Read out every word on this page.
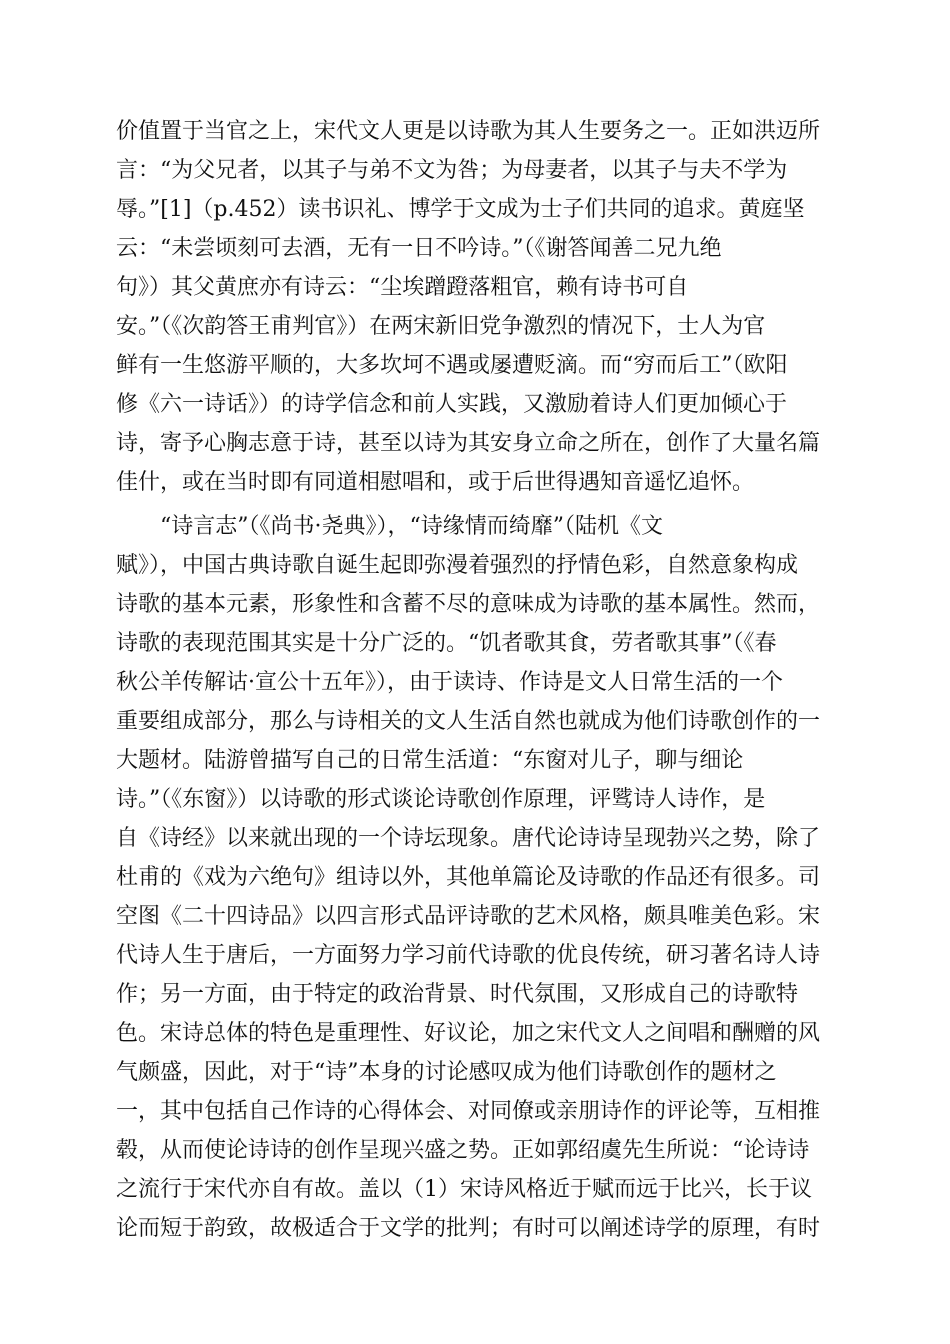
价值置于当官之上，宋代文人更是以诗歌为其人生要务之一。正如洪迈所
言：“为父兄者，以其子与弟不文为咎；为母妻者，以其子与夫不学为
辱。”[1]（p.452）读书识礼、博学于文成为士子们共同的追求。黄庭坚
云：“未尝顷刻可去酒，无有一日不吟诗。”（《谢答闻善二兄九绝
句》）其父黄庶亦有诗云：“尘埃蹭蹬落粗官，赖有诗书可自
安。”（《次韵答王甫判官》）在两宋新旧党争激烈的情况下，士人为官
鲜有一生悠游平顺的，大多坎坷不遇或屡遭贬滴。而“穷而后工”（欧阳
修《六一诗话》）的诗学信念和前人实践，又激励着诗人们更加倾心于
诗，寄予心胸志意于诗，甚至以诗为其安身立命之所在，创作了大量名篇
佳什，或在当时即有同道相慰唱和，或于后世得遇知音遥忆追怀。
　　“诗言志”（《尚书·尧典》），“诗缘情而绮靡”（陆机《文
赋》），中国古典诗歌自诞生起即弥漫着强烈的抒情色彩，自然意象构成
诗歌的基本元素，形象性和含蓄不尽的意味成为诗歌的基本属性。然而，
诗歌的表现范围其实是十分广泛的。“饥者歌其食，劳者歌其事”（《春
秋公羊传解诂·宣公十五年》），由于读诗、作诗是文人日常生活的一个
重要组成部分，那么与诗相关的文人生活自然也就成为他们诗歌创作的一
大题材。陆游曾描写自己的日常生活道：“东窗对儿子，聊与细论
诗。”（《东窗》）以诗歌的形式谈论诗歌创作原理，评骘诗人诗作，是
自《诗经》以来就出现的一个诗坛现象。唐代论诗诗呈现勃兴之势，除了
杜甫的《戏为六绝句》组诗以外，其他单篇论及诗歌的作品还有很多。司
空图《二十四诗品》以四言形式品评诗歌的艺术风格，颇具唯美色彩。宋
代诗人生于唐后，一方面努力学习前代诗歌的优良传统，研习著名诗人诗
作；另一方面，由于特定的政治背景、时代氛围，又形成自己的诗歌特
色。宋诗总体的特色是重理性、好议论，加之宋代文人之间唱和酬赠的风
气颇盛，因此，对于“诗”本身的讨论感叹成为他们诗歌创作的题材之
一，其中包括自己作诗的心得体会、对同僚或亲朋诗作的评论等，互相推
毂，从而使论诗诗的创作呈现兴盛之势。正如郭绍虞先生所说：“论诗诗
之流行于宋代亦自有故。盖以（1）宋诗风格近于赋而远于比兴，长于议
论而短于韵致，故极适合于文学的批判；有时可以阐述诗学的原理，有时
